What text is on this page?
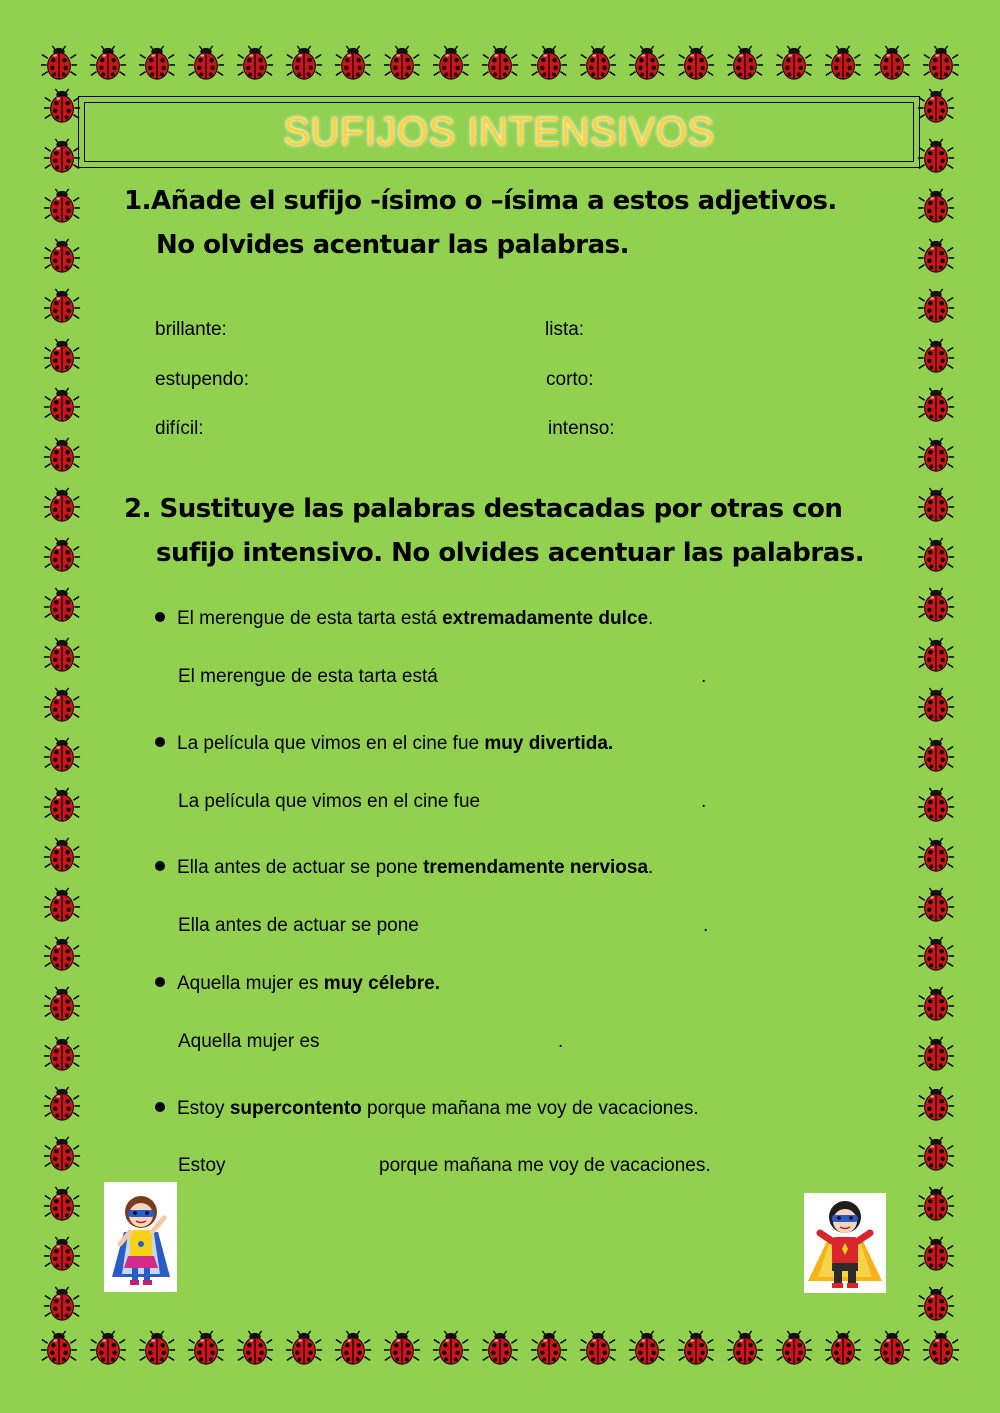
SUFIJOS INTENSIVOS
1.Añade el sufijo -ísimo o –ísima a estos adjetivos.
No olvides acentuar las palabras.
brillante:	lista:
estupendo:	corto:
difícil:	intenso:
2. Sustituye las palabras destacadas por otras con
sufijo intensivo. No olvides acentuar las palabras.
El merengue de esta tarta está extremadamente dulce.
El merengue de esta tarta está	.
La película que vimos en el cine fue muy divertida.
La película que vimos en el cine fue	.
Ella antes de actuar se pone tremendamente nerviosa.
Ella antes de actuar se pone	.
Aquella mujer es muy célebre.
Aquella mujer es	.
Estoy supercontento porque mañana me voy de vacaciones.
Estoy	porque mañana me voy de vacaciones.
